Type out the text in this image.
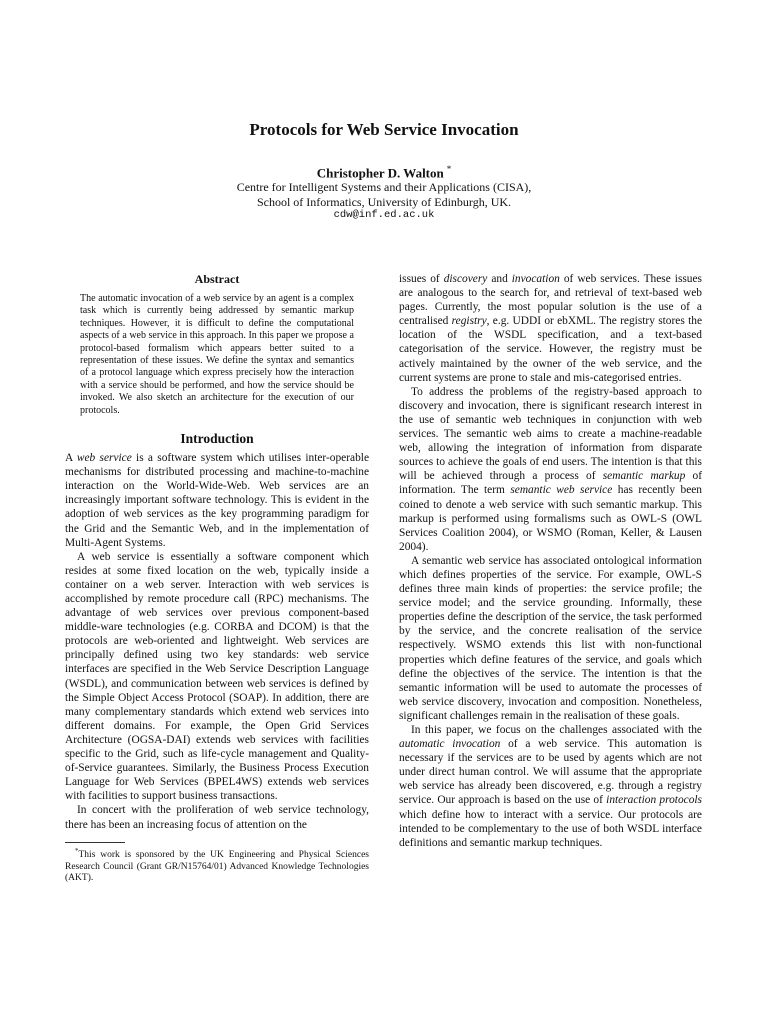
Protocols for Web Service Invocation
Christopher D. Walton *
Centre for Intelligent Systems and their Applications (CISA),
School of Informatics, University of Edinburgh, UK.
cdw@inf.ed.ac.uk
Abstract

The automatic invocation of a web service by an agent is a complex task which is currently being addressed by semantic markup techniques. However, it is difficult to define the computational aspects of a web service in this approach. In this paper we propose a protocol-based formalism which appears better suited to a representation of these issues. We define the syntax and semantics of a protocol language which express precisely how the interaction with a service should be performed, and how the service should be invoked. We also sketch an architecture for the execution of our protocols.

Introduction

A web service is a software system which utilises inter-operable mechanisms for distributed processing and machine-to-machine interaction on the World-Wide-Web. Web services are an increasingly important software technology. This is evident in the adoption of web services as the key programming paradigm for the Grid and the Semantic Web, and in the implementation of Multi-Agent Systems.

A web service is essentially a software component which resides at some fixed location on the web, typically inside a container on a web server. Interaction with web services is accomplished by remote procedure call (RPC) mechanisms. The advantage of web services over previous component-based middle-ware technologies (e.g. CORBA and DCOM) is that the protocols are web-oriented and lightweight. Web services are principally defined using two key standards: web service interfaces are specified in the Web Service Description Language (WSDL), and communication between web services is defined by the Simple Object Access Protocol (SOAP). In addition, there are many complementary standards which extend web services into different domains. For example, the Open Grid Services Architecture (OGSA-DAI) extends web services with facilities specific to the Grid, such as life-cycle management and Quality-of-Service guarantees. Similarly, the Business Process Execution Language for Web Services (BPEL4WS) extends web services with facilities to support business transactions.

In concert with the proliferation of web service technology, there has been an increasing focus of attention on the

*This work is sponsored by the UK Engineering and Physical Sciences Research Council (Grant GR/N15764/01) Advanced Knowledge Technologies (AKT).

issues of discovery and invocation of web services. These issues are analogous to the search for, and retrieval of text-based web pages. Currently, the most popular solution is the use of a centralised registry, e.g. UDDI or ebXML. The registry stores the location of the WSDL specification, and a text-based categorisation of the service. However, the registry must be actively maintained by the owner of the web service, and the current systems are prone to stale and mis-categorised entries.

To address the problems of the registry-based approach to discovery and invocation, there is significant research interest in the use of semantic web techniques in conjunction with web services. The semantic web aims to create a machine-readable web, allowing the integration of information from disparate sources to achieve the goals of end users. The intention is that this will be achieved through a process of semantic markup of information. The term semantic web service has recently been coined to denote a web service with such semantic markup. This markup is performed using formalisms such as OWL-S (OWL Services Coalition 2004), or WSMO (Roman, Keller, & Lausen 2004).

A semantic web service has associated ontological information which defines properties of the service. For example, OWL-S defines three main kinds of properties: the service profile; the service model; and the service grounding. Informally, these properties define the description of the service, the task performed by the service, and the concrete realisation of the service respectively. WSMO extends this list with non-functional properties which define features of the service, and goals which define the objectives of the service. The intention is that the semantic information will be used to automate the processes of web service discovery, invocation and composition. Nonetheless, significant challenges remain in the realisation of these goals.

In this paper, we focus on the challenges associated with the automatic invocation of a web service. This automation is necessary if the services are to be used by agents which are not under direct human control. We will assume that the appropriate web service has already been discovered, e.g. through a registry service. Our approach is based on the use of interaction protocols which define how to interact with a service. Our protocols are intended to be complementary to the use of both WSDL interface definitions and semantic markup techniques.
